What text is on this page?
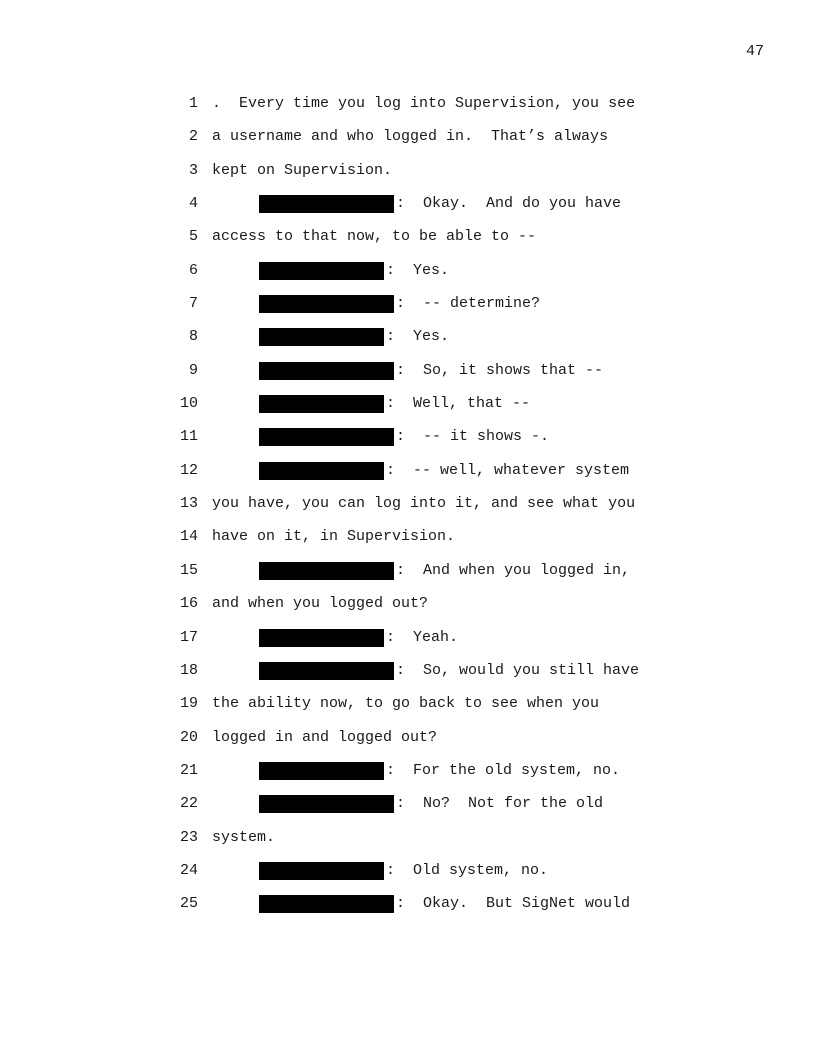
47

1

.  Every time you log into Supervision, you see

2

a username and who logged in.  That’s always

3

kept on Supervision.

4

	:  Okay.  And do you have

5

access to that now, to be able to --

6

	:  Yes.

7

	:  -- determine?

8

	:  Yes.

9

	:  So, it shows that --

10

	:  Well, that --

11

	:  -- it shows -.

12

	:  -- well, whatever system

13

you have, you can log into it, and see what you

14

have on it, in Supervision.

15

	:  And when you logged in,

16

and when you logged out?

17

	:  Yeah.

18

	:  So, would you still have

19

the ability now, to go back to see when you

20

logged in and logged out?

21

	:  For the old system, no.

22

	:  No?  Not for the old

23

system.

24

	:  Old system, no.

25

	:  Okay.  But SigNet would
